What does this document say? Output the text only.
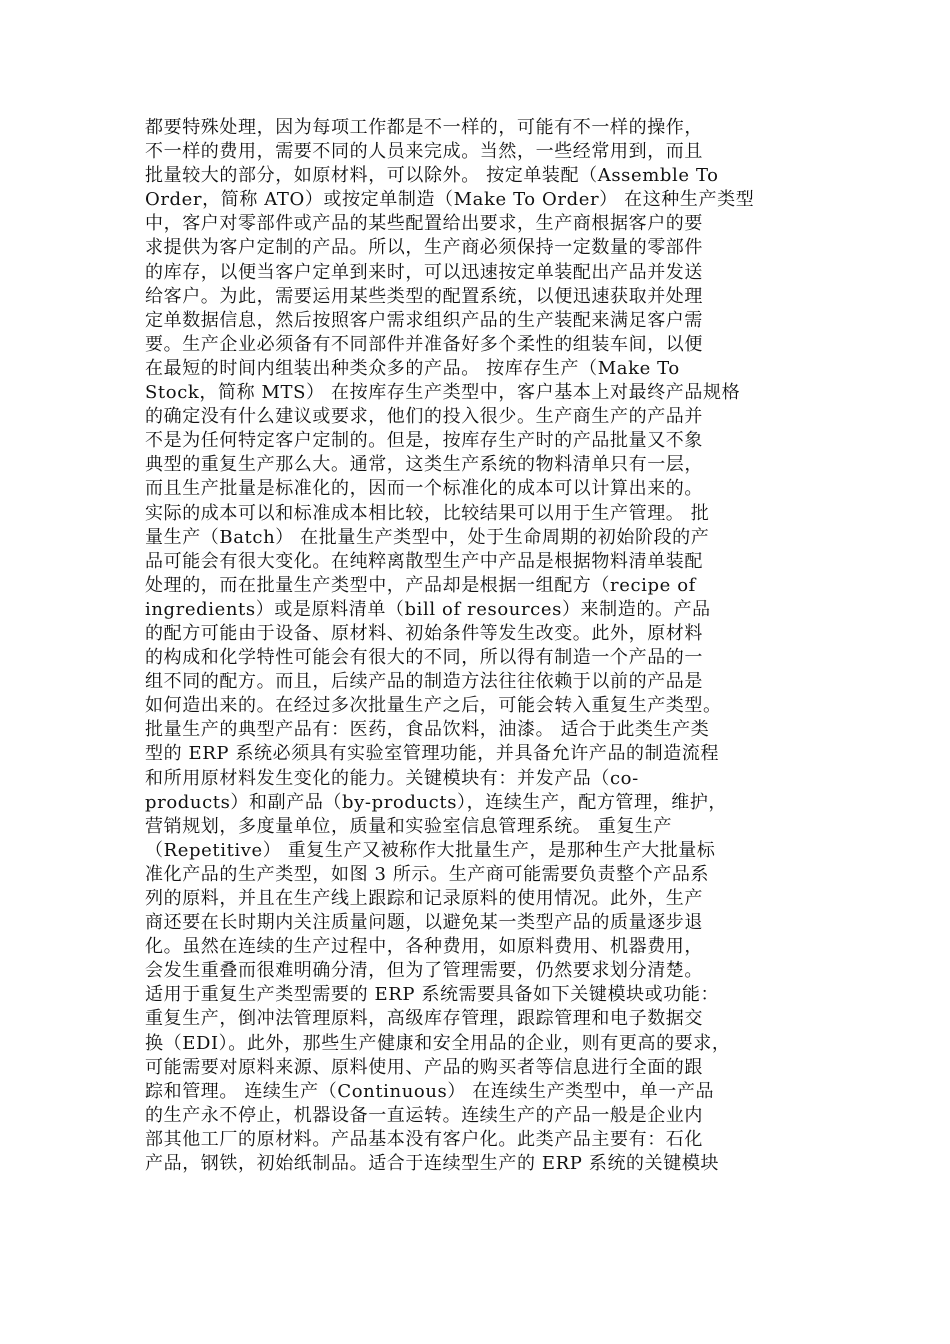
都要特殊处理，因为每项工作都是不一样的，可能有不一样的操作，
不一样的费用，需要不同的人员来完成。当然，一些经常用到，而且
批量较大的部分，如原材料，可以除外。 按定单装配（Assemble To
Order，简称 ATO）或按定单制造（Make To Order） 在这种生产类型
中，客户对零部件或产品的某些配置给出要求，生产商根据客户的要
求提供为客户定制的产品。所以，生产商必须保持一定数量的零部件
的库存，以便当客户定单到来时，可以迅速按定单装配出产品并发送
给客户。为此，需要运用某些类型的配置系统，以便迅速获取并处理
定单数据信息，然后按照客户需求组织产品的生产装配来满足客户需
要。生产企业必须备有不同部件并准备好多个柔性的组装车间，以便
在最短的时间内组装出种类众多的产品。 按库存生产（Make To
Stock，简称 MTS） 在按库存生产类型中，客户基本上对最终产品规格
的确定没有什么建议或要求，他们的投入很少。生产商生产的产品并
不是为任何特定客户定制的。但是，按库存生产时的产品批量又不象
典型的重复生产那么大。通常，这类生产系统的物料清单只有一层，
而且生产批量是标准化的，因而一个标准化的成本可以计算出来的。
实际的成本可以和标准成本相比较，比较结果可以用于生产管理。 批
量生产（Batch） 在批量生产类型中，处于生命周期的初始阶段的产
品可能会有很大变化。在纯粹离散型生产中产品是根据物料清单装配
处理的，而在批量生产类型中，产品却是根据一组配方（recipe of
ingredients）或是原料清单（bill of resources）来制造的。产品
的配方可能由于设备、原材料、初始条件等发生改变。此外，原材料
的构成和化学特性可能会有很大的不同，所以得有制造一个产品的一
组不同的配方。而且，后续产品的制造方法往往依赖于以前的产品是
如何造出来的。在经过多次批量生产之后，可能会转入重复生产类型。
批量生产的典型产品有：医药，食品饮料，油漆。 适合于此类生产类
型的 ERP 系统必须具有实验室管理功能，并具备允许产品的制造流程
和所用原材料发生变化的能力。关键模块有：并发产品（co-
products）和副产品（by-products），连续生产，配方管理，维护，
营销规划，多度量单位，质量和实验室信息管理系统。 重复生产
（Repetitive） 重复生产又被称作大批量生产，是那种生产大批量标
准化产品的生产类型，如图 3 所示。生产商可能需要负责整个产品系
列的原料，并且在生产线上跟踪和记录原料的使用情况。此外，生产
商还要在长时期内关注质量问题，以避免某一类型产品的质量逐步退
化。虽然在连续的生产过程中，各种费用，如原料费用、机器费用，
会发生重叠而很难明确分清，但为了管理需要，仍然要求划分清楚。
适用于重复生产类型需要的 ERP 系统需要具备如下关键模块或功能：
重复生产，倒冲法管理原料，高级库存管理，跟踪管理和电子数据交
换（EDI）。此外，那些生产健康和安全用品的企业，则有更高的要求，
可能需要对原料来源、原料使用、产品的购买者等信息进行全面的跟
踪和管理。 连续生产（Continuous） 在连续生产类型中，单一产品
的生产永不停止，机器设备一直运转。连续生产的产品一般是企业内
部其他工厂的原材料。产品基本没有客户化。此类产品主要有：石化
产品，钢铁，初始纸制品。适合于连续型生产的 ERP 系统的关键模块
